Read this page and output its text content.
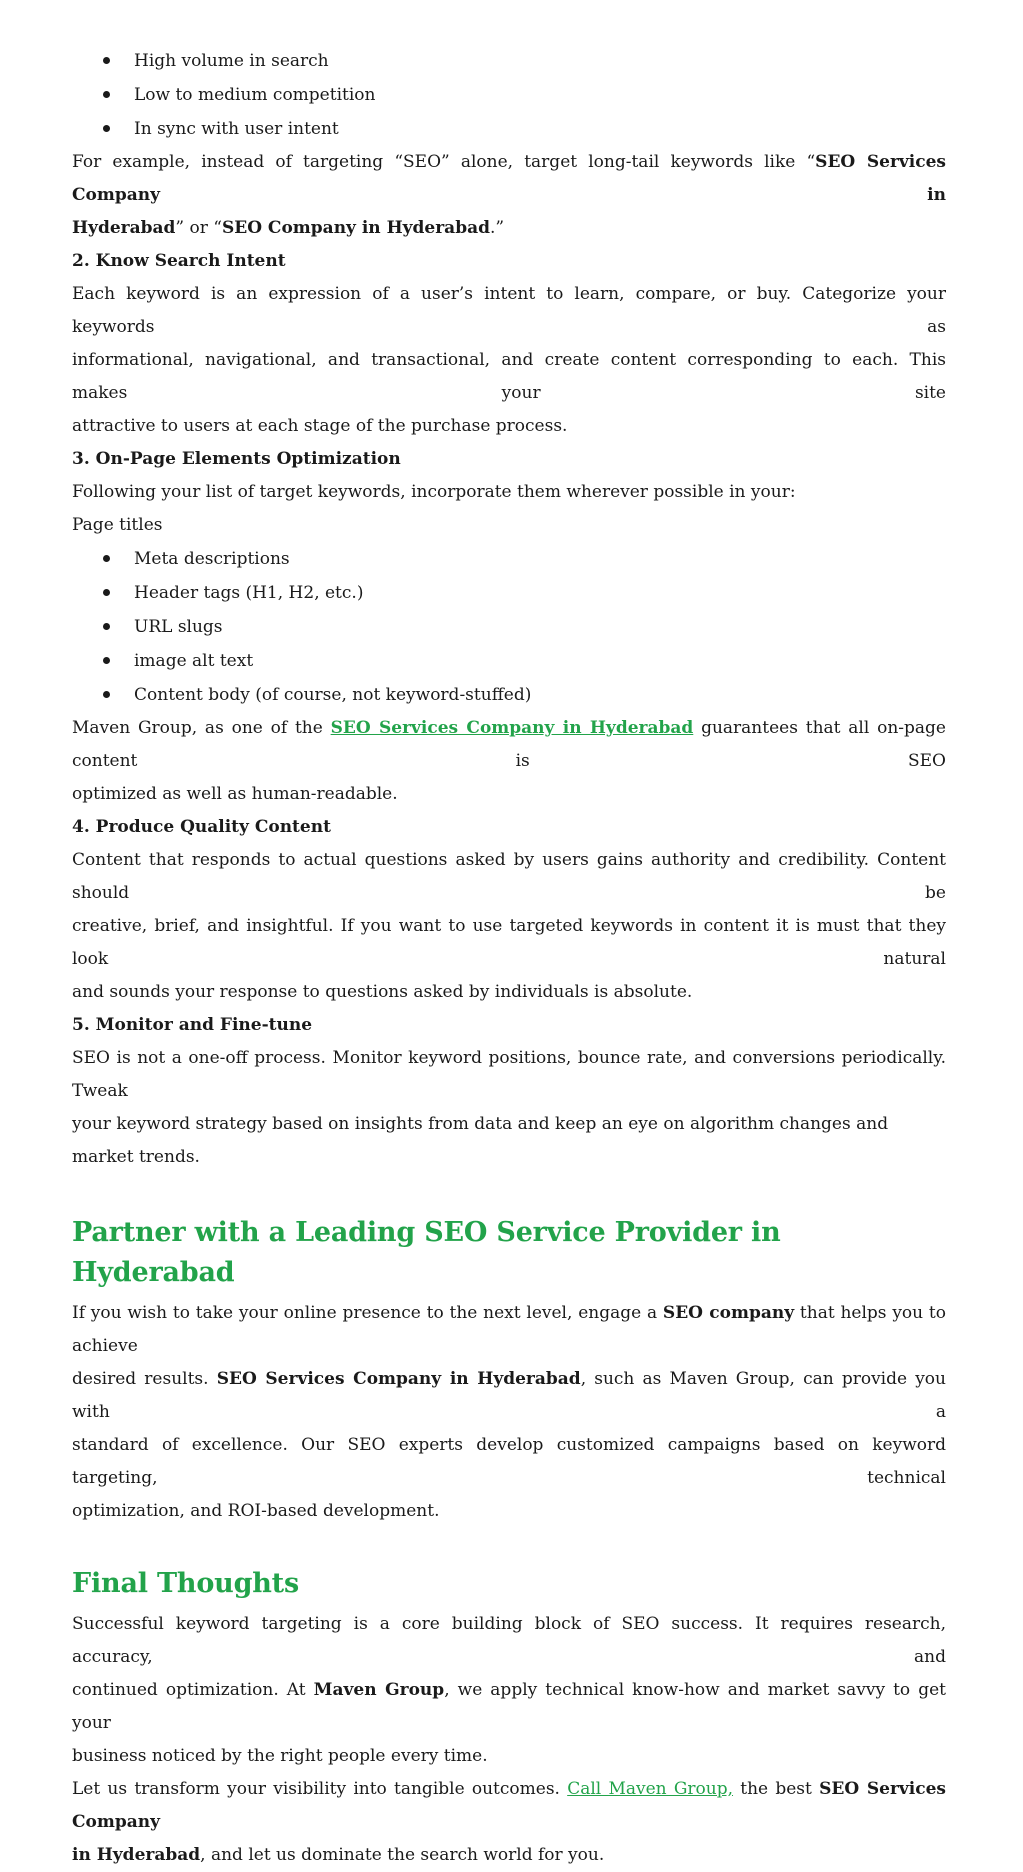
High volume in search
Low to medium competition
In sync with user intent

For example, instead of targeting “SEO” alone, target long-tail keywords like “SEO Services Company in

Hyderabad” or “SEO Company in Hyderabad.”

2. Know Search Intent

Each keyword is an expression of a user’s intent to learn, compare, or buy. Categorize your keywords as

informational, navigational, and transactional, and create content corresponding to each. This makes your site

attractive to users at each stage of the purchase process.

3. On-Page Elements Optimization

Following your list of target keywords, incorporate them wherever possible in your:

Page titles

Meta descriptions
Header tags (H1, H2, etc.)
URL slugs
image alt text
Content body (of course, not keyword-stuffed)

Maven Group, as one of the SEO Services Company in Hyderabad guarantees that all on-page content is SEO

optimized as well as human-readable.

4. Produce Quality Content

Content that responds to actual questions asked by users gains authority and credibility. Content should be

creative, brief, and insightful. If you want to use targeted keywords in content it is must that they look natural

and sounds your response to questions asked by individuals is absolute.

5. Monitor and Fine-tune

SEO is not a one-off process. Monitor keyword positions, bounce rate, and conversions periodically. Tweak

your keyword strategy based on insights from data and keep an eye on algorithm changes and market trends.

Partner with a Leading SEO Service Provider in Hyderabad

If you wish to take your online presence to the next level, engage a SEO company that helps you to achieve

desired results. SEO Services Company in Hyderabad, such as Maven Group, can provide you with a

standard of excellence. Our SEO experts develop customized campaigns based on keyword targeting, technical

optimization, and ROI-based development.

Final Thoughts

Successful keyword targeting is a core building block of SEO success. It requires research, accuracy, and

continued optimization. At Maven Group, we apply technical know-how and market savvy to get your

business noticed by the right people every time.

Let us transform your visibility into tangible outcomes. Call Maven Group, the best SEO Services Company

in Hyderabad, and let us dominate the search world for you.
